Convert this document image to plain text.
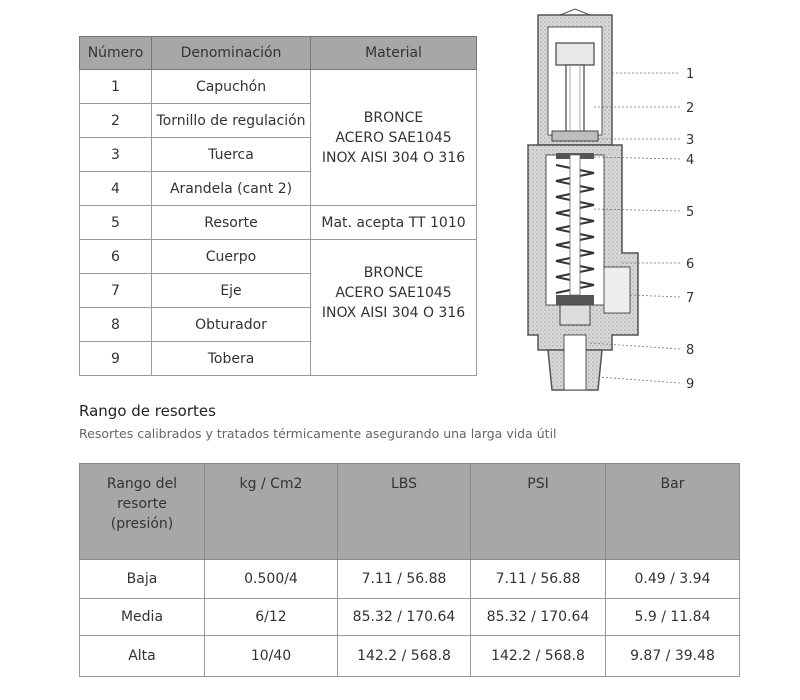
Número	Denominación	Material
1	Capuchón	BRONCE
ACERO SAE1045
INOX AISI 304 O 316

2	Tornillo de regulación	
3	Tuerca	
4	Arandela (cant 2)	
5	Resorte	Mat. acepta TT 1010
6	Cuerpo	BRONCE
ACERO SAE1045
INOX AISI 304 O 316

7	Eje	
8	Obturador	
9	Tobera	
1
2
3
4
5
6
7
8
9
Rango de resortes
Resortes calibrados y tratados térmicamente asegurando una larga vida útil
Rango del resorte (presión)	kg / Cm2	LBS	PSI	Bar
Baja	0.500/4	7.11 / 56.88	7.11 / 56.88	0.49 / 3.94
Media	6/12	85.32 / 170.64	85.32 / 170.64	5.9 / 11.84
Alta	10/40	142.2 / 568.8	142.2 / 568.8	9.87 / 39.48
